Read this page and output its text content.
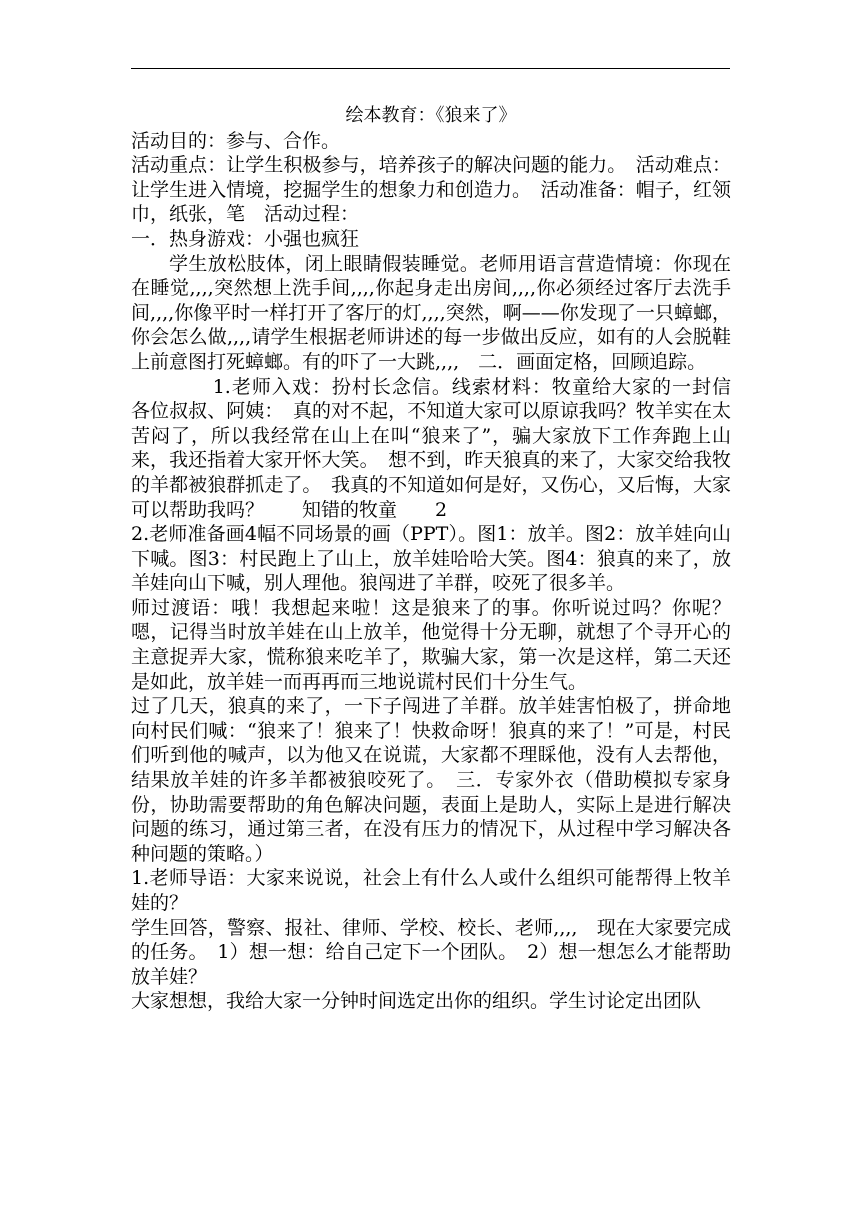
绘本教育：《狼来了》

活动目的：参与、合作。

活动重点：让学生积极参与，培养孩子的解决问题的能力。　活动难点：让学生进入情境，挖掘学生的想象力和创造力。　活动准备：帽子，红领巾，纸张，笔　活动过程：

一．热身游戏：小强也疯狂

学生放松肢体，闭上眼睛假装睡觉。老师用语言营造情境：你现在在睡觉,,,,突然想上洗手间,,,,你起身走出房间,,,,你必须经过客厅去洗手间,,,,你像平时一样打开了客厅的灯,,,,突然，啊——你发现了一只蟑螂，你会怎么做,,,,请学生根据老师讲述的每一步做出反应，如有的人会脱鞋上前意图打死蟑螂。有的吓了一大跳,,,,　二．画面定格，回顾追踪。

1.老师入戏：扮村长念信。线索材料：牧童给大家的一封信　各位叔叔、阿姨：　真的对不起，不知道大家可以原谅我吗？牧羊实在太苦闷了，所以我经常在山上在叫“狼来了”，骗大家放下工作奔跑上山来，我还指着大家开怀大笑。　想不到，昨天狼真的来了，大家交给我牧的羊都被狼群抓走了。　我真的不知道如何是好，又伤心，又后悔，大家可以帮助我吗？　　知错的牧童　　2

2.老师准备画4幅不同场景的画（PPT）。图1：放羊。图2：放羊娃向山下喊。图3：村民跑上了山上，放羊娃哈哈大笑。图4：狼真的来了，放羊娃向山下喊，别人理他。狼闯进了羊群，咬死了很多羊。

师过渡语：哦！我想起来啦！这是狼来了的事。你听说过吗？你呢？嗯，记得当时放羊娃在山上放羊，他觉得十分无聊，就想了个寻开心的主意捉弄大家，慌称狼来吃羊了，欺骗大家，第一次是这样，第二天还是如此，放羊娃一而再再而三地说谎村民们十分生气。

过了几天，狼真的来了，一下子闯进了羊群。放羊娃害怕极了，拼命地向村民们喊：“狼来了！狼来了！快救命呀！狼真的来了！”可是，村民们听到他的喊声，以为他又在说谎，大家都不理睬他，没有人去帮他，结果放羊娃的许多羊都被狼咬死了。　三．专家外衣（借助模拟专家身份，协助需要帮助的角色解决问题，表面上是助人，实际上是进行解决问题的练习，通过第三者，在没有压力的情况下，从过程中学习解决各种问题的策略。）

1.老师导语：大家来说说，社会上有什么人或什么组织可能帮得上牧羊娃的？

学生回答，警察、报社、律师、学校、校长、老师,,,,　现在大家要完成的任务。　1）想一想：给自己定下一个团队。　2）想一想怎么才能帮助放羊娃？

大家想想，我给大家一分钟时间选定出你的组织。学生讨论定出团队
